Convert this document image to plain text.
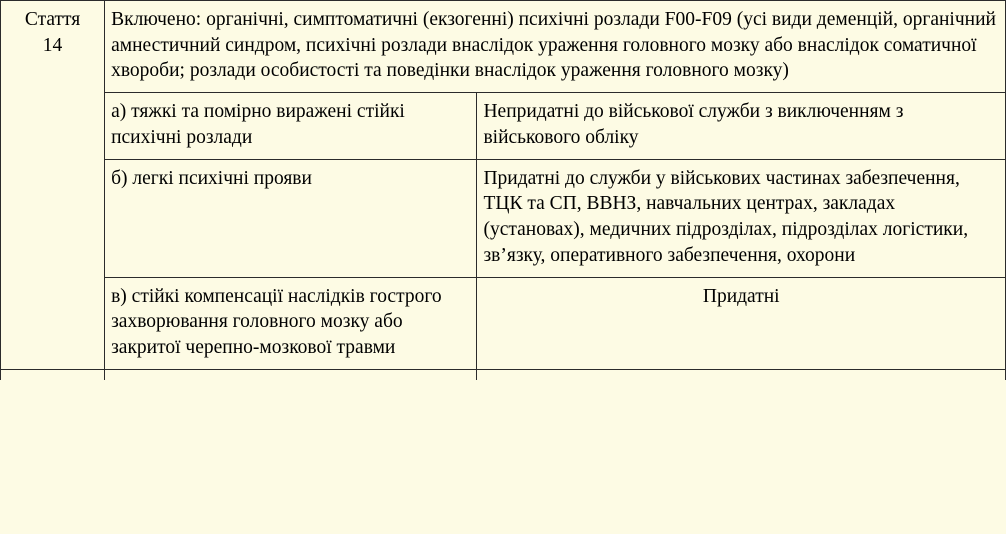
Стаття
14	Включено: органічні, симптоматичні (екзогенні) психічні розлади F00-F09 (усі види деменцій, органічний амнестичний синдром, психічні розлади внаслідок ураження головного мозку або внаслідок соматичної хвороби; розлади особистості та поведінки внаслідок ураження головного мозку)	
	а) тяжкі та помірно виражені стійкі психічні розлади	Непридатні до військової служби з виключенням з військового обліку
	б) легкі психічні прояви	Придатні до служби у військових частинах забезпечення, ТЦК та СП, ВВНЗ, навчальних центрах, закладах (установах), медичних підрозділах, підрозділах логістики, зв’язку, оперативного забезпечення, охорони
	в) стійкі компенсації наслідків гострого захворювання головного мозку або закритої черепно-мозкової травми	Придатні
